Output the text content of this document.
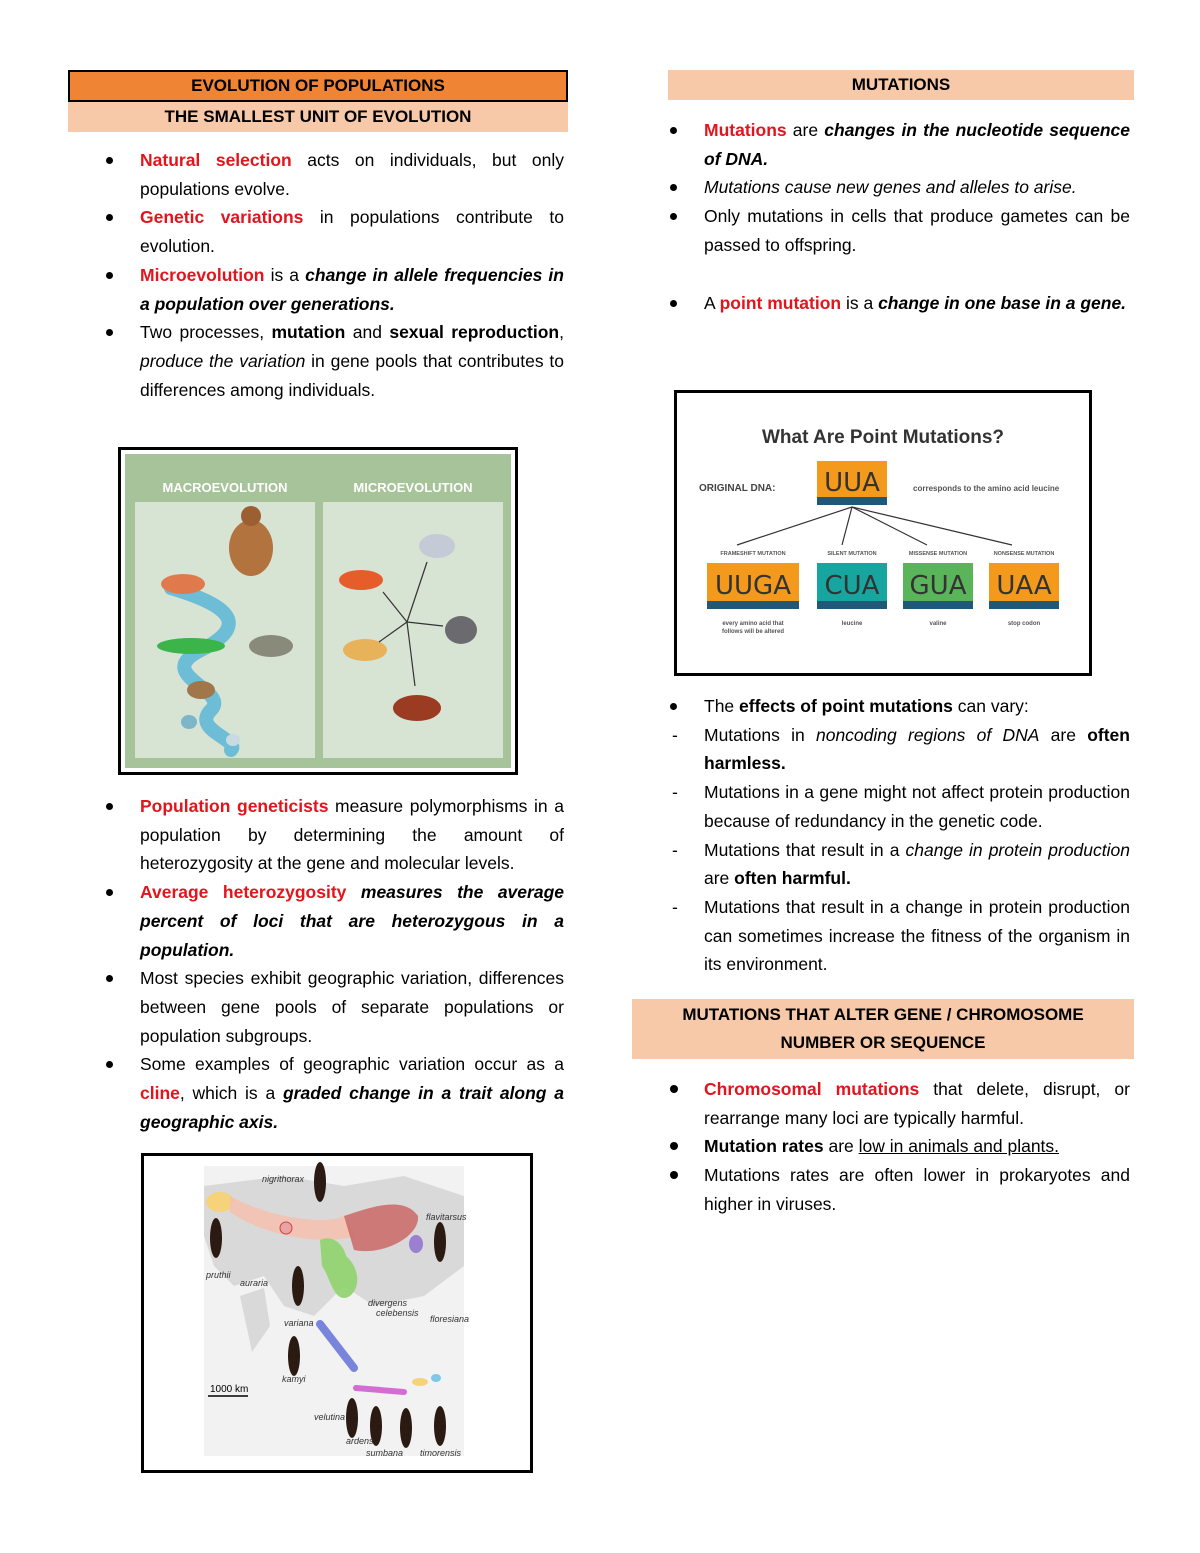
EVOLUTION OF POPULATIONS
THE SMALLEST UNIT OF EVOLUTION
Natural selection acts on individuals, but only populations evolve.
Genetic variations in populations contribute to evolution.
Microevolution is a change in allele frequencies in a population over generations.
Two processes, mutation and sexual reproduction, produce the variation in gene pools that contributes to differences among individuals.
MACROEVOLUTION	MICROEVOLUTION
Population geneticists measure polymorphisms in a population by determining the amount of heterozygosity at the gene and molecular levels.
Average heterozygosity measures the average percent of loci that are heterozygous in a population.
Most species exhibit geographic variation, differences between gene pools of separate populations or population subgroups.
Some examples of geographic variation occur as a cline, which is a graded change in a trait along a geographic axis.
nigrithorax
flavitarsus
pruthii
auraria
divergens
celebensis
floresiana
variana
kamyi
velutina
ardens
sumbana timorensis
1000 km
MUTATIONS
Mutations are changes in the nucleotide sequence of DNA.
Mutations cause new genes and alleles to arise.
Only mutations in cells that produce gametes can be passed to offspring.
A point mutation is a change in one base in a gene.
What Are Point Mutations?
ORIGINAL DNA: UUA	corresponds to the amino acid leucine
FRAMESHIFT MUTATION
UUGA
every amino acid that
follows will be altered
SILENT MUTATION
CUA
leucine
MISSENSE MUTATION
GUA
valine
NONSENSE MUTATION
UAA
stop codon
The effects of point mutations can vary:
- Mutations in noncoding regions of DNA are often harmless.
- Mutations in a gene might not affect protein production because of redundancy in the genetic code.
- Mutations that result in a change in protein production are often harmful.
- Mutations that result in a change in protein production can sometimes increase the fitness of the organism in its environment.
MUTATIONS THAT ALTER GENE / CHROMOSOME
NUMBER OR SEQUENCE
Chromosomal mutations that delete, disrupt, or rearrange many loci are typically harmful.
Mutation rates are low in animals and plants.
Mutations rates are often lower in prokaryotes and higher in viruses.
